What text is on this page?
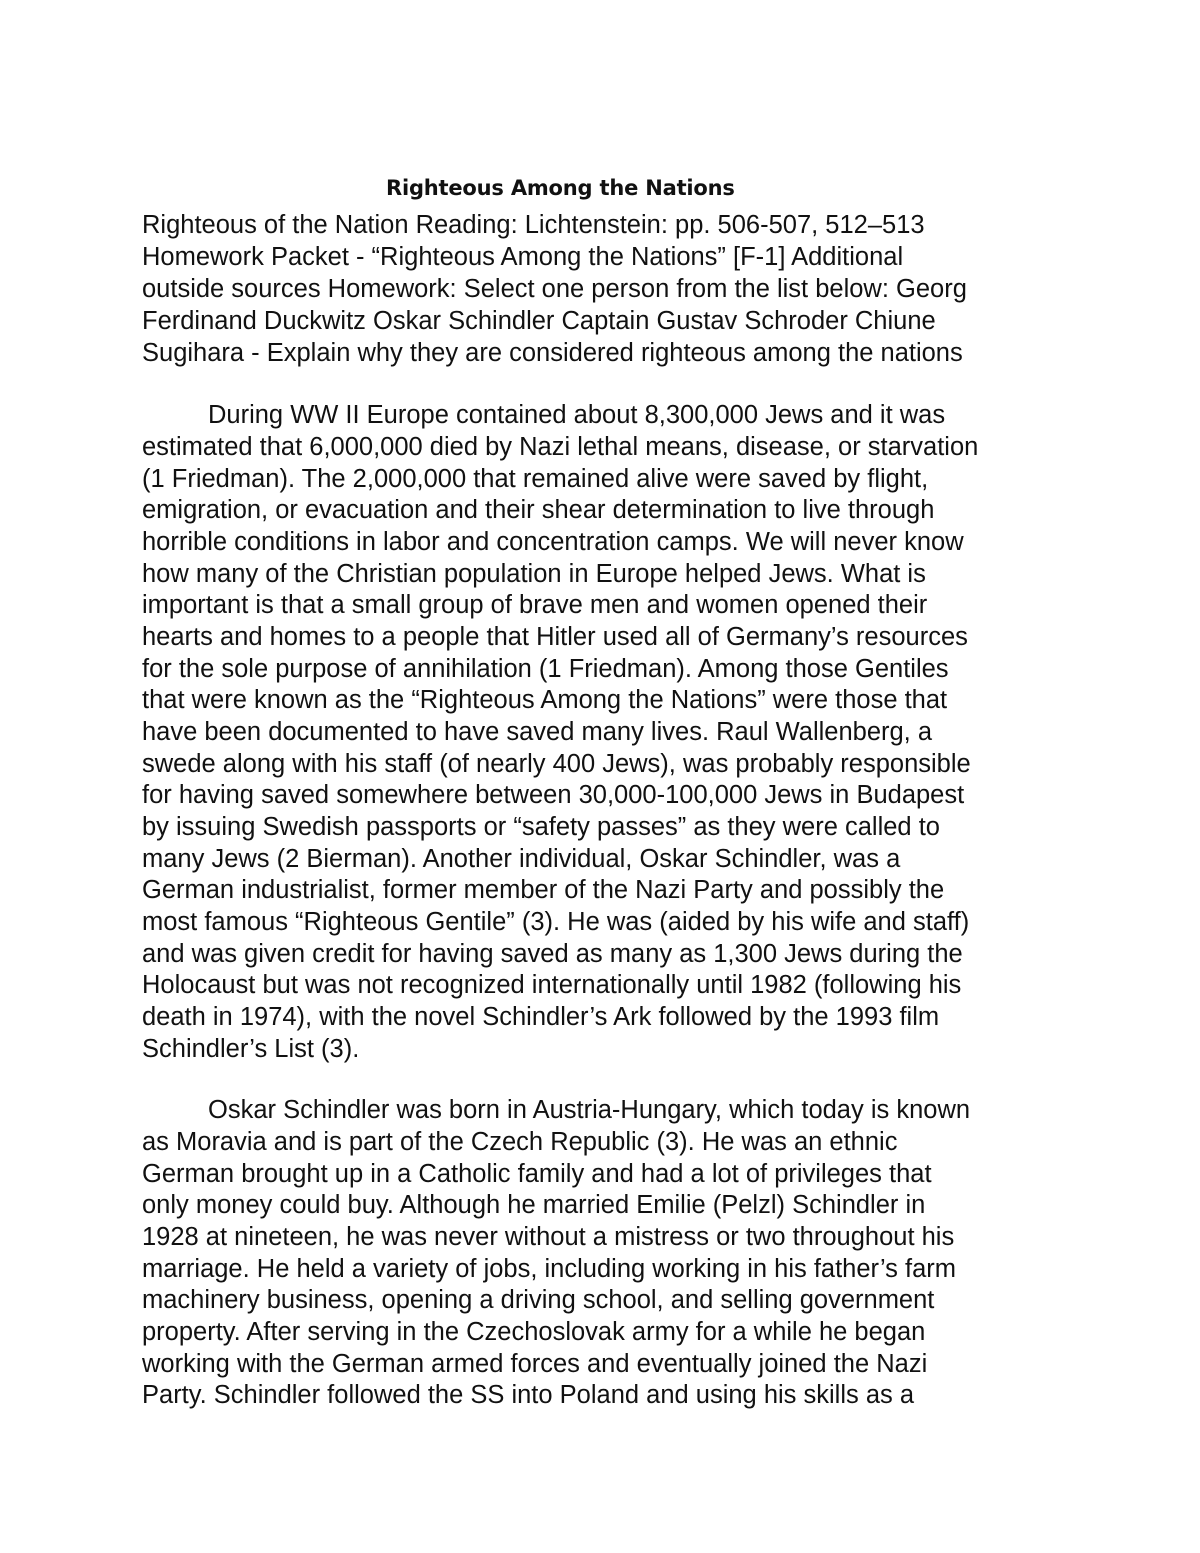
Righteous Among the Nations

Righteous of the Nation Reading: Lichtenstein: pp. 506-507, 512–513

Homework Packet - “Righteous Among the Nations” [F-1] Additional

outside sources Homework: Select one person from the list below: Georg

Ferdinand Duckwitz Oskar Schindler Captain Gustav Schroder Chiune

Sugihara - Explain why they are considered righteous among the nations

During WW II Europe contained about 8,300,000 Jews and it was

estimated that 6,000,000 died by Nazi lethal means, disease, or starvation

(1 Friedman). The 2,000,000 that remained alive were saved by flight,

emigration, or evacuation and their shear determination to live through

horrible conditions in labor and concentration camps. We will never know

how many of the Christian population in Europe helped Jews. What is

important is that a small group of brave men and women opened their

hearts and homes to a people that Hitler used all of Germany’s resources

for the sole purpose of annihilation (1 Friedman). Among those Gentiles

that were known as the “Righteous Among the Nations” were those that

have been documented to have saved many lives. Raul Wallenberg, a

swede along with his staff (of nearly 400 Jews), was probably responsible

for having saved somewhere between 30,000-100,000 Jews in Budapest

by issuing Swedish passports or “safety passes” as they were called to

many Jews (2 Bierman). Another individual, Oskar Schindler, was a

German industrialist, former member of the Nazi Party and possibly the

most famous “Righteous Gentile” (3). He was (aided by his wife and staff)

and was given credit for having saved as many as 1,300 Jews during the

Holocaust but was not recognized internationally until 1982 (following his

death in 1974), with the novel Schindler’s Ark followed by the 1993 film

Schindler’s List (3).

Oskar Schindler was born in Austria-Hungary, which today is known

as Moravia and is part of the Czech Republic (3). He was an ethnic

German brought up in a Catholic family and had a lot of privileges that

only money could buy. Although he married Emilie (Pelzl) Schindler in

1928 at nineteen, he was never without a mistress or two throughout his

marriage. He held a variety of jobs, including working in his father’s farm

machinery business, opening a driving school, and selling government

property. After serving in the Czechoslovak army for a while he began

working with the German armed forces and eventually joined the Nazi

Party. Schindler followed the SS into Poland and using his skills as a
